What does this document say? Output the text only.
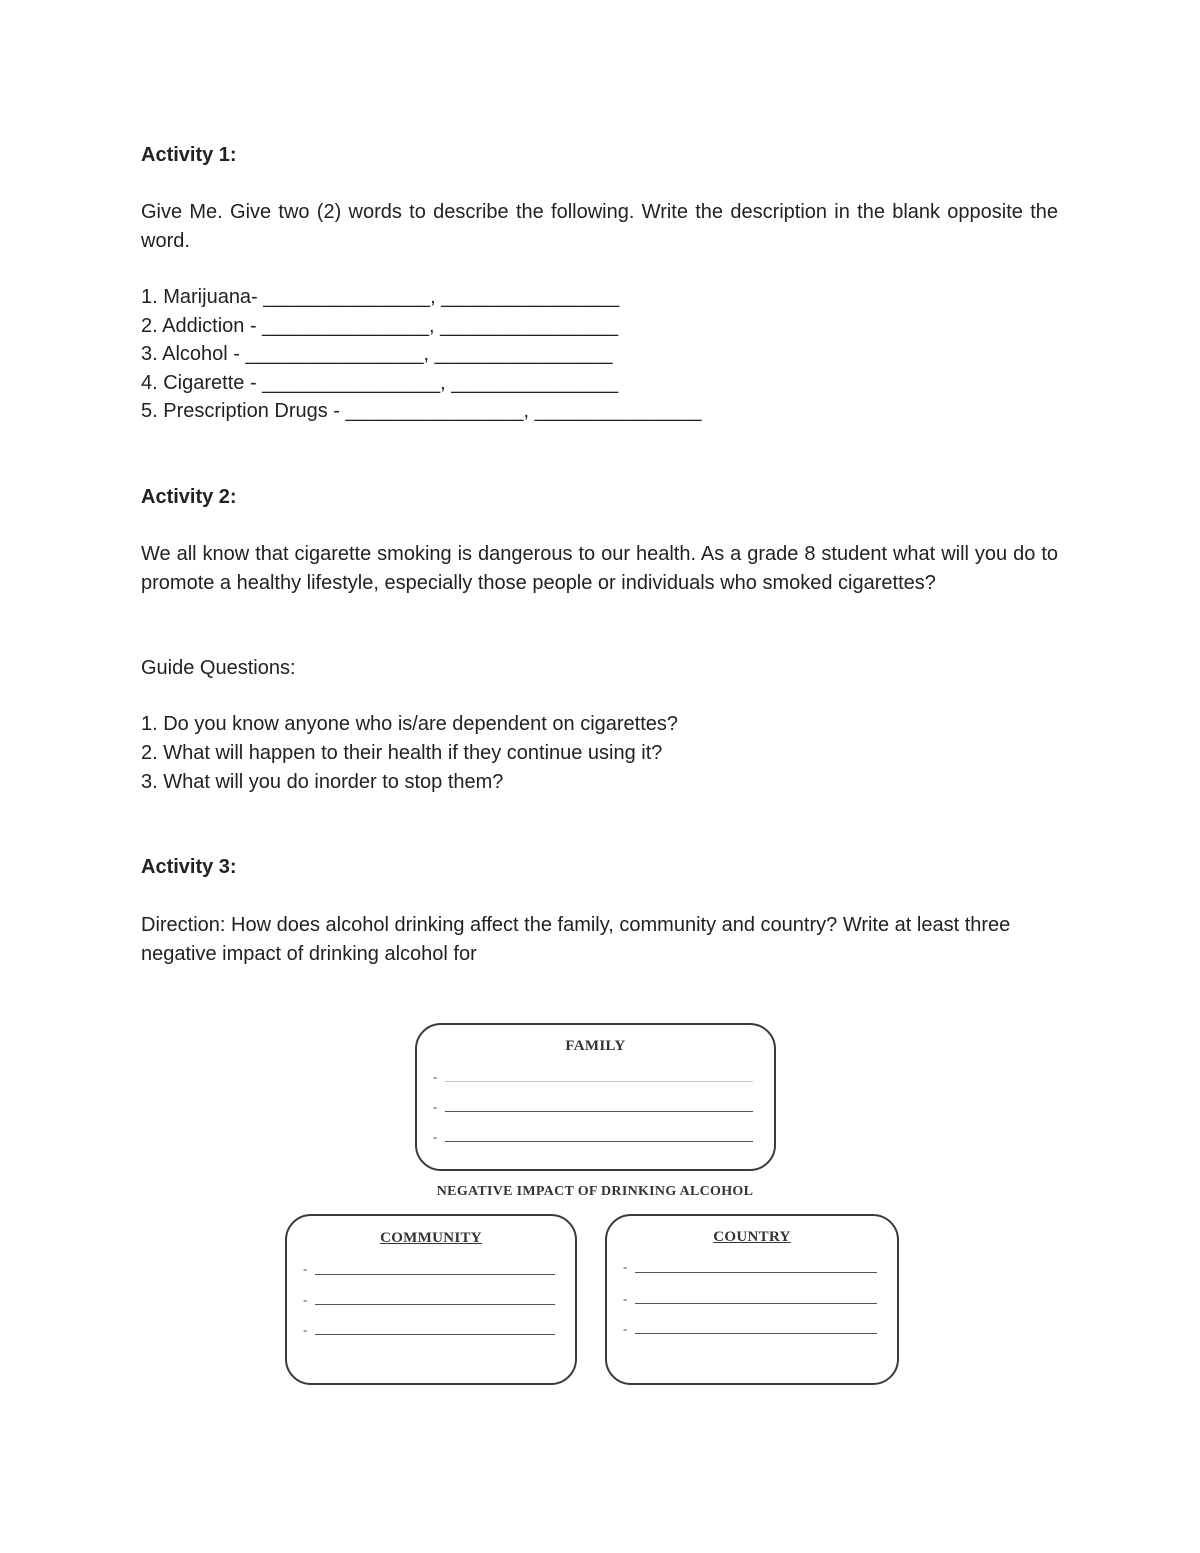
Activity 1:
Give Me. Give two (2) words to describe the following. Write the description in the blank opposite the word.
1. Marijuana- _______________, ________________
2. Addiction - _______________, ________________
3. Alcohol - ________________, ________________
4. Cigarette - ________________, _______________
5. Prescription Drugs - ________________, _______________
Activity 2:
We all know that cigarette smoking is dangerous to our health. As a grade 8 student what will you do to promote a healthy lifestyle, especially those people or individuals who smoked cigarettes?
Guide Questions:
1. Do you know anyone who is/are dependent on cigarettes?
2. What will happen to their health if they continue using it?
3. What will you do inorder to stop them?
Activity 3:
Direction: How does alcohol drinking affect the family, community and country? Write at least three negative impact of drinking alcohol for
FAMILY
-
-
-
NEGATIVE IMPACT OF DRINKING ALCOHOL
COMMUNITY
-
-
-
COUNTRY
-
-
-
